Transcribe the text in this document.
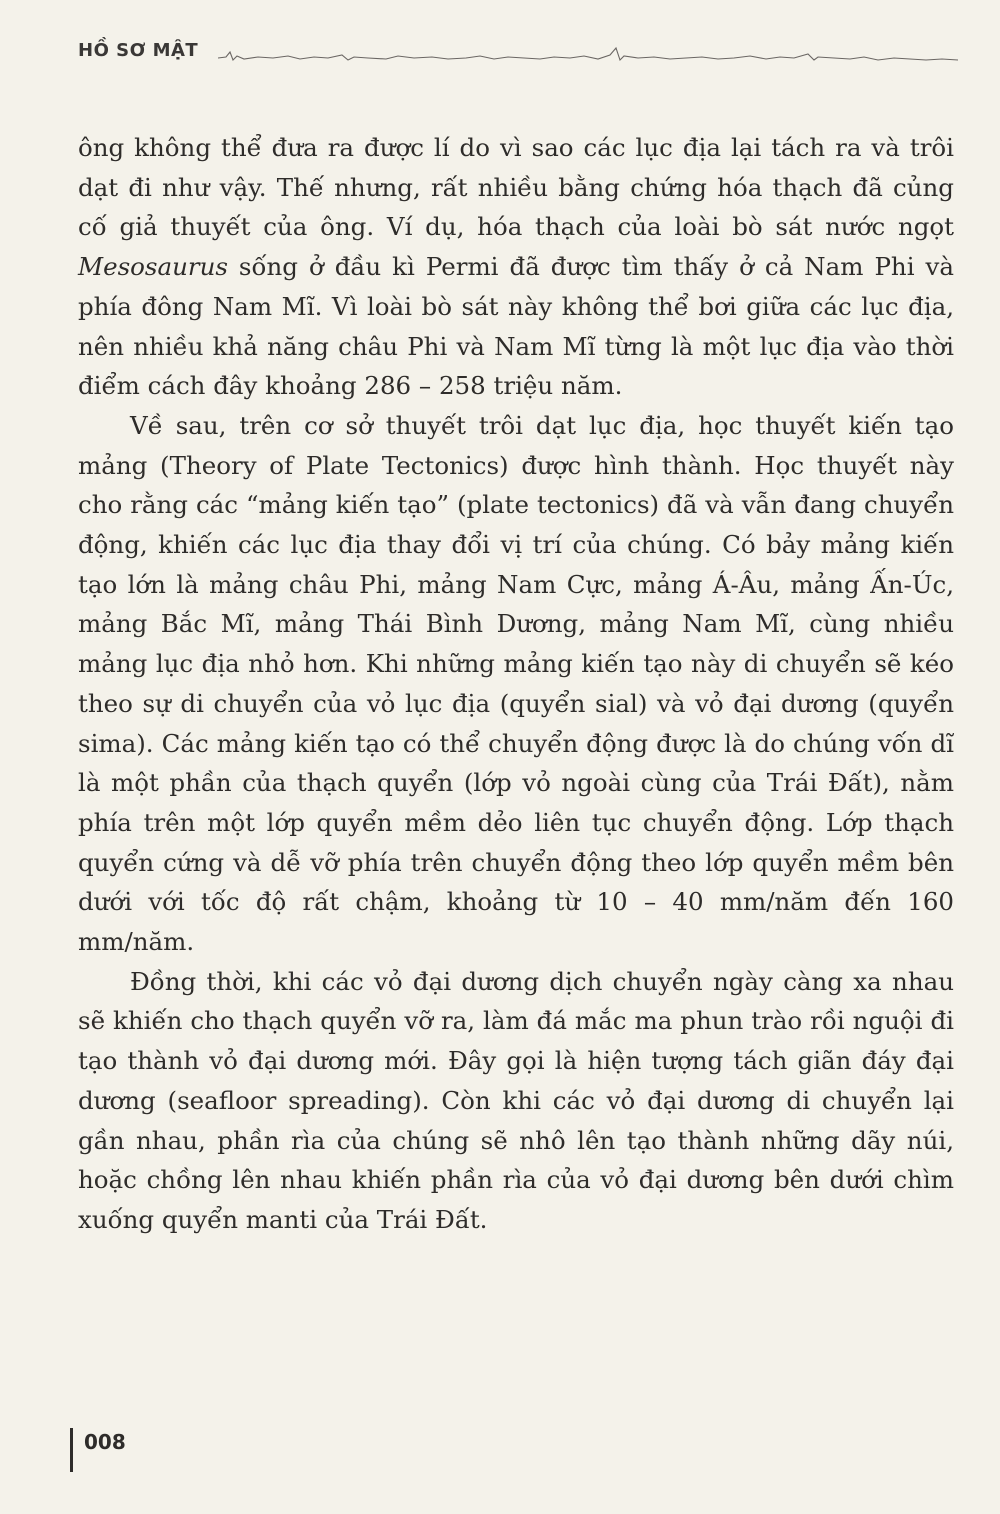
HỒ SƠ MẬT

ông không thể đưa ra được lí do vì sao các lục địa lại tách ra và trôi dạt đi như vậy. Thế nhưng, rất nhiều bằng chứng hóa thạch đã củng cố giả thuyết của ông. Ví dụ, hóa thạch của loài bò sát nước ngọt Mesosaurus sống ở đầu kì Permi đã được tìm thấy ở cả Nam Phi và phía đông Nam Mĩ. Vì loài bò sát này không thể bơi giữa các lục địa, nên nhiều khả năng châu Phi và Nam Mĩ từng là một lục địa vào thời điểm cách đây khoảng 286 – 258 triệu năm.

Về sau, trên cơ sở thuyết trôi dạt lục địa, học thuyết kiến tạo mảng (Theory of Plate Tectonics) được hình thành. Học thuyết này cho rằng các “mảng kiến tạo” (plate tectonics) đã và vẫn đang chuyển động, khiến các lục địa thay đổi vị trí của chúng. Có bảy mảng kiến tạo lớn là mảng châu Phi, mảng Nam Cực, mảng Á-Âu, mảng Ấn-Úc, mảng Bắc Mĩ, mảng Thái Bình Dương, mảng Nam Mĩ, cùng nhiều mảng lục địa nhỏ hơn. Khi những mảng kiến tạo này di chuyển sẽ kéo theo sự di chuyển của vỏ lục địa (quyển sial) và vỏ đại dương (quyển sima). Các mảng kiến tạo có thể chuyển động được là do chúng vốn dĩ là một phần của thạch quyển (lớp vỏ ngoài cùng của Trái Đất), nằm phía trên một lớp quyển mềm dẻo liên tục chuyển động. Lớp thạch quyển cứng và dễ vỡ phía trên chuyển động theo lớp quyển mềm bên dưới với tốc độ rất chậm, khoảng từ 10 – 40 mm/năm đến 160 mm/năm.

Đồng thời, khi các vỏ đại dương dịch chuyển ngày càng xa nhau sẽ khiến cho thạch quyển vỡ ra, làm đá mắc ma phun trào rồi nguội đi tạo thành vỏ đại dương mới. Đây gọi là hiện tượng tách giãn đáy đại dương (seafloor spreading). Còn khi các vỏ đại dương di chuyển lại gần nhau, phần rìa của chúng sẽ nhô lên tạo thành những dãy núi, hoặc chồng lên nhau khiến phần rìa của vỏ đại dương bên dưới chìm xuống quyển manti của Trái Đất.

008
